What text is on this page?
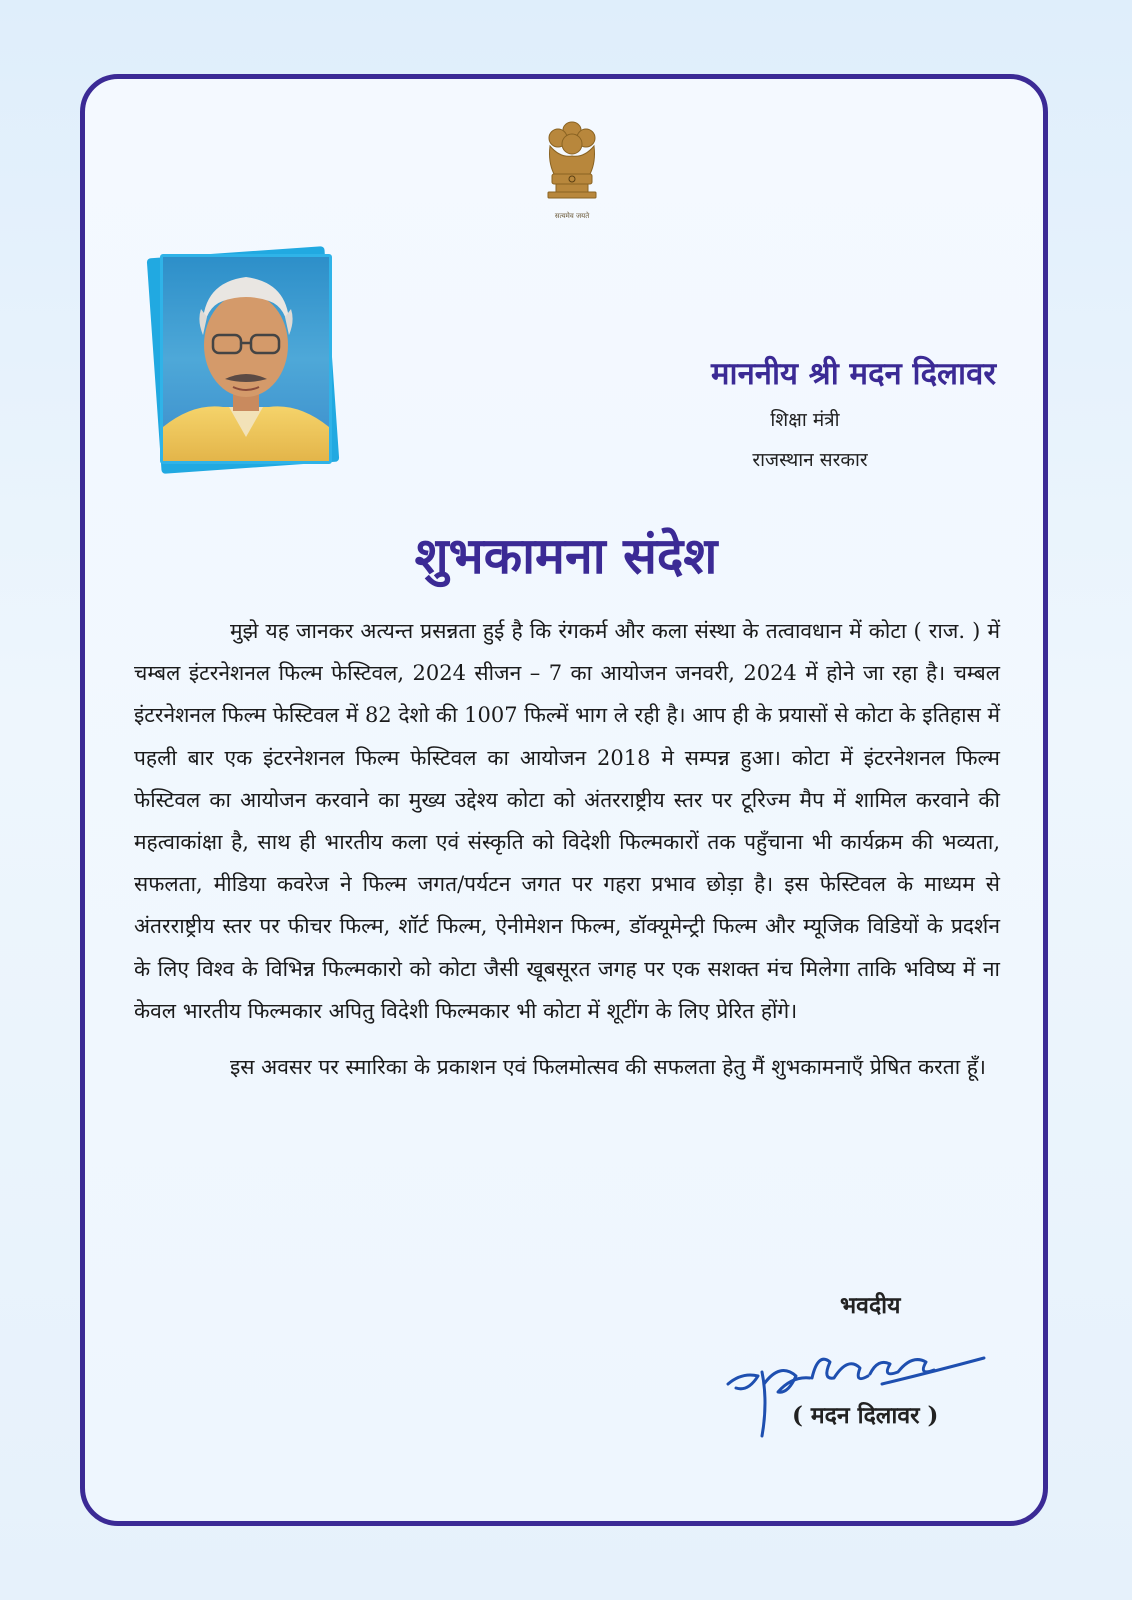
सत्यमेव जयते
माननीय श्री मदन दिलावर
शिक्षा मंत्री
राजस्थान सरकार
शुभकामना संदेश

मुझे यह जानकर अत्यन्त प्रसन्नता हुई है कि रंगकर्म और कला संस्था के तत्वावधान में कोटा ( राज. ) में चम्बल इंटरनेशनल फिल्म फेस्टिवल, 2024 सीजन – 7 का आयोजन जनवरी, 2024 में होने जा रहा है। चम्बल इंटरनेशनल फिल्म फेस्टिवल में 82 देशो की 1007 फिल्में भाग ले रही है। आप ही के प्रयासों से कोटा के इतिहास में पहली बार एक इंटरनेशनल फिल्म फेस्टिवल का आयोजन 2018 मे सम्पन्न हुआ। कोटा में इंटरनेशनल फिल्म फेस्टिवल का आयोजन करवाने का मुख्य उद्देश्य कोटा को अंतरराष्ट्रीय स्तर पर टूरिज्म मैप में शामिल करवाने की महत्वाकांक्षा है, साथ ही भारतीय कला एवं संस्कृति को विदेशी फिल्मकारों तक पहुँचाना भी कार्यक्रम की भव्यता, सफलता, मीडिया कवरेज ने फिल्म जगत/पर्यटन जगत पर गहरा प्रभाव छोड़ा है। इस फेस्टिवल के माध्यम से अंतरराष्ट्रीय स्तर पर फीचर फिल्म, शॉर्ट फिल्म, ऐनीमेशन फिल्म, डॉक्यूमेन्ट्री फिल्म और म्यूजिक विडियों के प्रदर्शन के लिए विश्व के विभिन्न फिल्मकारो को कोटा जैसी खूबसूरत जगह पर एक सशक्त मंच मिलेगा ताकि भविष्य में ना केवल भारतीय फिल्मकार अपितु विदेशी फिल्मकार भी कोटा में शूटींग के लिए प्रेरित होंगे।

इस अवसर पर स्मारिका के प्रकाशन एवं फिलमोत्सव की सफलता हेतु मैं शुभकामनाएँ प्रेषित करता हूँ।

भवदीय
( मदन दिलावर )
